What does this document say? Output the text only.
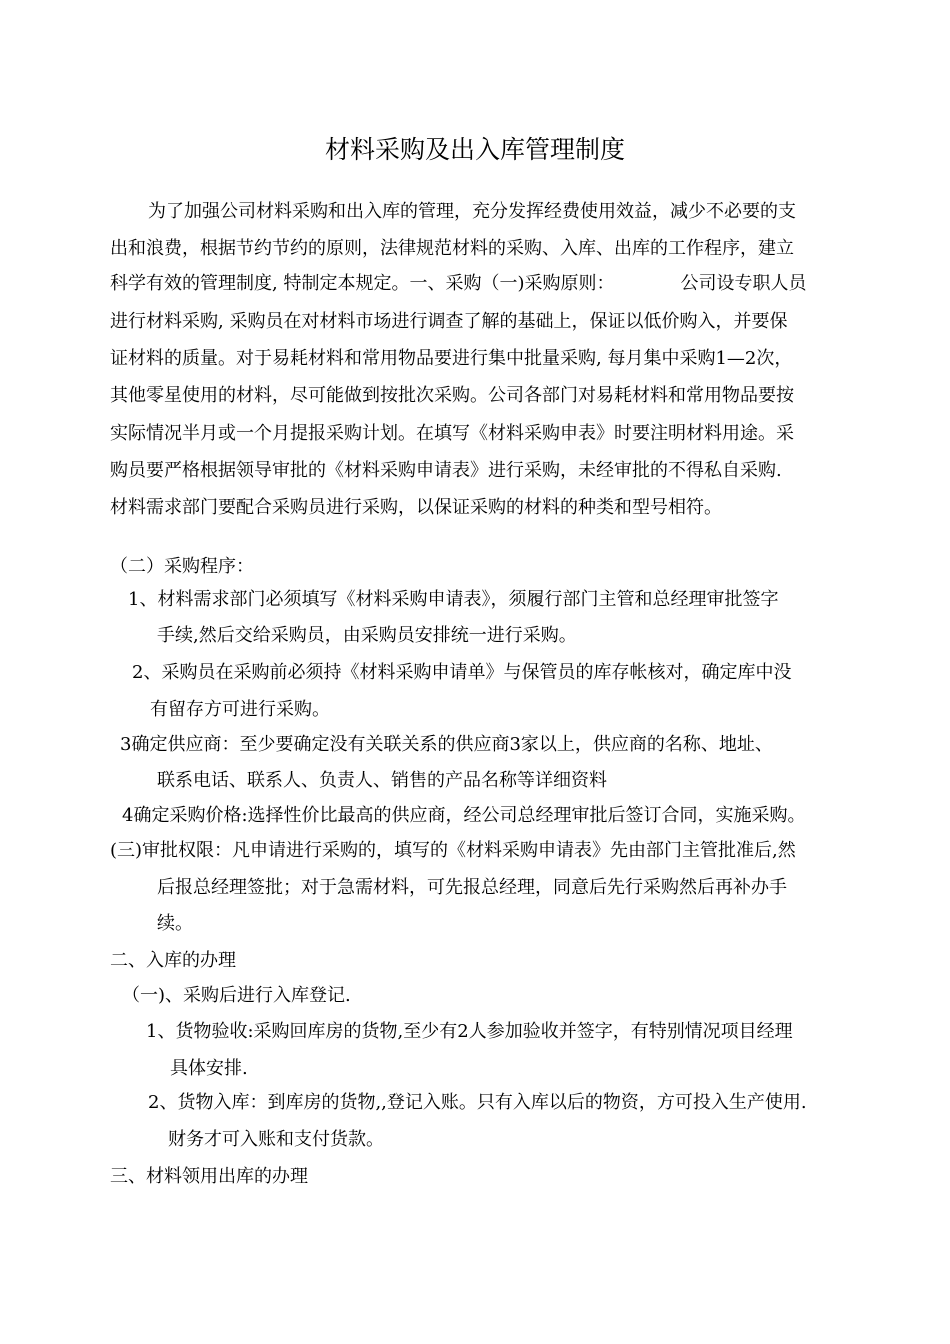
材料采购及出入库管理制度
为了加强公司材料采购和出入库的管理，充分发挥经费使用效益，减少不必要的支
出和浪费，根据节约节约的原则，法律规范材料的采购、入库、出库的工作程序，建立
科学有效的管理制度, 特制定本规定。一、采购（一)采购原则：	公司设专职人员
进行材料采购, 采购员在对材料市场进行调查了解的基础上，保证以低价购入，并要保
证材料的质量。对于易耗材料和常用物品要进行集中批量采购, 每月集中采购1—2次，
其他零星使用的材料，尽可能做到按批次采购。公司各部门对易耗材料和常用物品要按
实际情况半月或一个月提报采购计划。在填写《材料采购申表》时要注明材料用途。采
购员要严格根据领导审批的《材料采购申请表》进行采购，未经审批的不得私自采购.
材料需求部门要配合采购员进行采购，以保证采购的材料的种类和型号相符。
（二）采购程序：
1、材料需求部门必须填写《材料采购申请表》，须履行部门主管和总经理审批签字
手续,然后交给采购员，由采购员安排统一进行采购。
2、采购员在采购前必须持《材料采购申请单》与保管员的库存帐核对，确定库中没
有留存方可进行采购。
3确定供应商：至少要确定没有关联关系的供应商3家以上，供应商的名称、地址、
联系电话、联系人、负责人、销售的产品名称等详细资料
4确定采购价格:选择性价比最高的供应商，经公司总经理审批后签订合同，实施采购。
(三)审批权限：凡申请进行采购的，填写的《材料采购申请表》先由部门主管批准后,然
后报总经理签批；对于急需材料，可先报总经理，同意后先行采购然后再补办手
续。
二、入库的办理
（一)、采购后进行入库登记.
1、货物验收:采购回库房的货物,至少有2人参加验收并签字，有特别情况项目经理
具体安排.
2、货物入库：到库房的货物,,登记入账。只有入库以后的物资，方可投入生产使用.
财务才可入账和支付货款。
三、材料领用出库的办理
